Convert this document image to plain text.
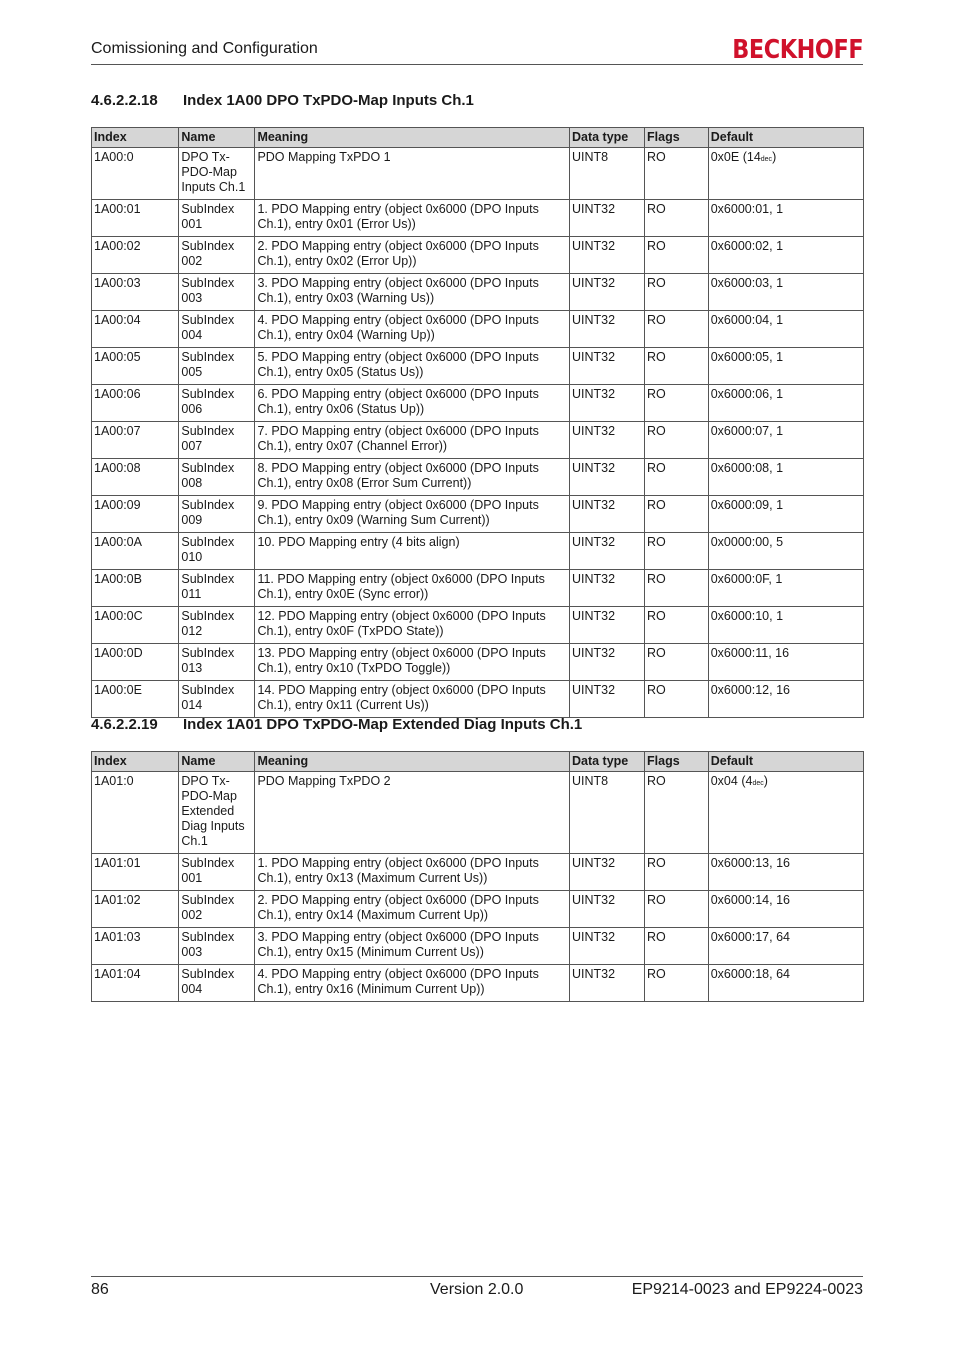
Comissioning and Configuration	BECKHOFF
4.6.2.2.18 Index 1A00 DPO TxPDO-Map Inputs Ch.1
Index	Name	Meaning	Data type	Flags	Default
1A00:0	DPO Tx-PDO-Map Inputs Ch.1	PDO Mapping TxPDO 1	UINT8	RO	0x0E (14dec)
1A00:01	SubIndex 001	1. PDO Mapping entry (object 0x6000 (DPO Inputs Ch.1), entry 0x01 (Error Us))	UINT32	RO	0x6000:01, 1
1A00:02	SubIndex 002	2. PDO Mapping entry (object 0x6000 (DPO Inputs Ch.1), entry 0x02 (Error Up))	UINT32	RO	0x6000:02, 1
1A00:03	SubIndex 003	3. PDO Mapping entry (object 0x6000 (DPO Inputs Ch.1), entry 0x03 (Warning Us))	UINT32	RO	0x6000:03, 1
1A00:04	SubIndex 004	4. PDO Mapping entry (object 0x6000 (DPO Inputs Ch.1), entry 0x04 (Warning Up))	UINT32	RO	0x6000:04, 1
1A00:05	SubIndex 005	5. PDO Mapping entry (object 0x6000 (DPO Inputs Ch.1), entry 0x05 (Status Us))	UINT32	RO	0x6000:05, 1
1A00:06	SubIndex 006	6. PDO Mapping entry (object 0x6000 (DPO Inputs Ch.1), entry 0x06 (Status Up))	UINT32	RO	0x6000:06, 1
1A00:07	SubIndex 007	7. PDO Mapping entry (object 0x6000 (DPO Inputs Ch.1), entry 0x07 (Channel Error))	UINT32	RO	0x6000:07, 1
1A00:08	SubIndex 008	8. PDO Mapping entry (object 0x6000 (DPO Inputs Ch.1), entry 0x08 (Error Sum Current))	UINT32	RO	0x6000:08, 1
1A00:09	SubIndex 009	9. PDO Mapping entry (object 0x6000 (DPO Inputs Ch.1), entry 0x09 (Warning Sum Current))	UINT32	RO	0x6000:09, 1
1A00:0A	SubIndex 010	10. PDO Mapping entry (4 bits align)	UINT32	RO	0x0000:00, 5
1A00:0B	SubIndex 011	11. PDO Mapping entry (object 0x6000 (DPO Inputs Ch.1), entry 0x0E (Sync error))	UINT32	RO	0x6000:0F, 1
1A00:0C	SubIndex 012	12. PDO Mapping entry (object 0x6000 (DPO Inputs Ch.1), entry 0x0F (TxPDO State))	UINT32	RO	0x6000:10, 1
1A00:0D	SubIndex 013	13. PDO Mapping entry (object 0x6000 (DPO Inputs Ch.1), entry 0x10 (TxPDO Toggle))	UINT32	RO	0x6000:11, 16
1A00:0E	SubIndex 014	14. PDO Mapping entry (object 0x6000 (DPO Inputs Ch.1), entry 0x11 (Current Us))	UINT32	RO	0x6000:12, 16
4.6.2.2.19 Index 1A01 DPO TxPDO-Map Extended Diag Inputs Ch.1
Index	Name	Meaning	Data type	Flags	Default
1A01:0	DPO Tx-PDO-Map Extended Diag Inputs Ch.1	PDO Mapping TxPDO 2	UINT8	RO	0x04 (4dec)
1A01:01	SubIndex 001	1. PDO Mapping entry (object 0x6000 (DPO Inputs Ch.1), entry 0x13 (Maximum Current Us))	UINT32	RO	0x6000:13, 16
1A01:02	SubIndex 002	2. PDO Mapping entry (object 0x6000 (DPO Inputs Ch.1), entry 0x14 (Maximum Current Up))	UINT32	RO	0x6000:14, 16
1A01:03	SubIndex 003	3. PDO Mapping entry (object 0x6000 (DPO Inputs Ch.1), entry 0x15 (Minimum Current Us))	UINT32	RO	0x6000:17, 64
1A01:04	SubIndex 004	4. PDO Mapping entry (object 0x6000 (DPO Inputs Ch.1), entry 0x16 (Minimum Current Up))	UINT32	RO	0x6000:18, 64
86	Version 2.0.0	EP9214-0023 and EP9224-0023
